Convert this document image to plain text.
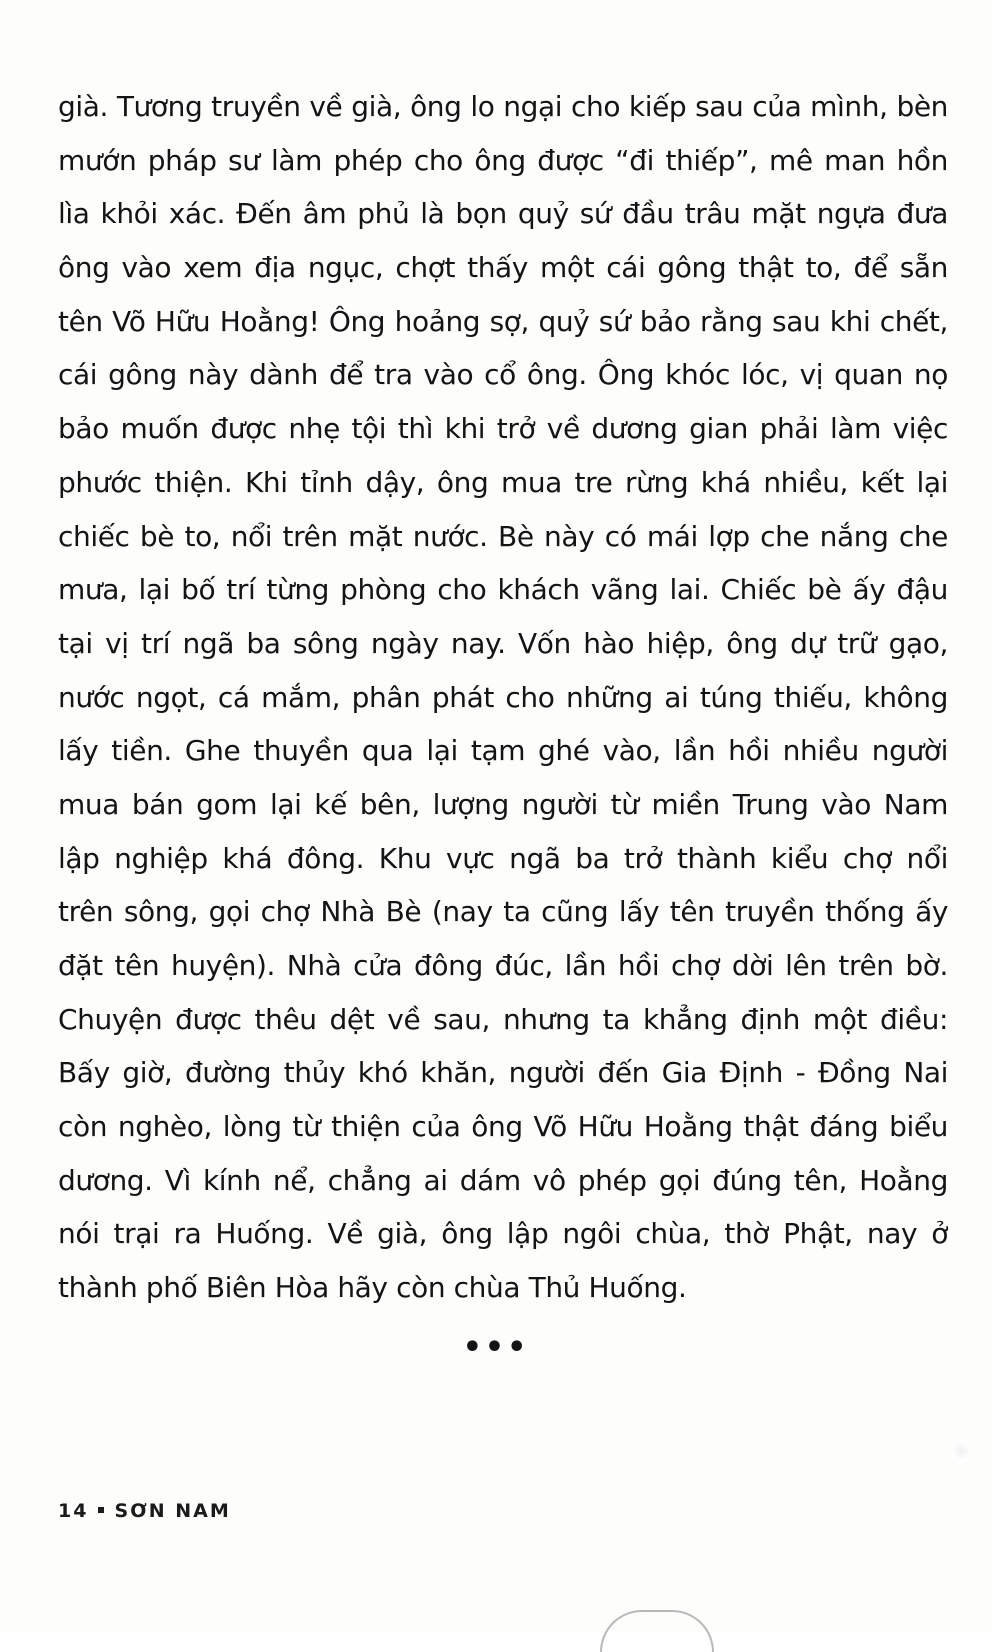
già. Tương truyền về già, ông lo ngại cho kiếp sau của mình, bèn
mướn pháp sư làm phép cho ông được “đi thiếp”, mê man hồn
lìa khỏi xác. Đến âm phủ là bọn quỷ sứ đầu trâu mặt ngựa đưa
ông vào xem địa ngục, chợt thấy một cái gông thật to, để sẵn
tên Võ Hữu Hoằng! Ông hoảng sợ, quỷ sứ bảo rằng sau khi chết,
cái gông này dành để tra vào cổ ông. Ông khóc lóc, vị quan nọ
bảo muốn được nhẹ tội thì khi trở về dương gian phải làm việc
phước thiện. Khi tỉnh dậy, ông mua tre rừng khá nhiều, kết lại
chiếc bè to, nổi trên mặt nước. Bè này có mái lợp che nắng che
mưa, lại bố trí từng phòng cho khách vãng lai. Chiếc bè ấy đậu
tại vị trí ngã ba sông ngày nay. Vốn hào hiệp, ông dự trữ gạo,
nước ngọt, cá mắm, phân phát cho những ai túng thiếu, không
lấy tiền. Ghe thuyền qua lại tạm ghé vào, lần hồi nhiều người
mua bán gom lại kế bên, lượng người từ miền Trung vào Nam
lập nghiệp khá đông. Khu vực ngã ba trở thành kiểu chợ nổi
trên sông, gọi chợ Nhà Bè (nay ta cũng lấy tên truyền thống ấy
đặt tên huyện). Nhà cửa đông đúc, lần hồi chợ dời lên trên bờ.
Chuyện được thêu dệt về sau, nhưng ta khẳng định một điều:
Bấy giờ, đường thủy khó khăn, người đến Gia Định - Đồng Nai
còn nghèo, lòng từ thiện của ông Võ Hữu Hoằng thật đáng biểu
dương. Vì kính nể, chẳng ai dám vô phép gọi đúng tên, Hoằng
nói trại ra Huống. Về già, ông lập ngôi chùa, thờ Phật, nay ở
thành phố Biên Hòa hãy còn chùa Thủ Huống.
•••
14 SƠN NAM
